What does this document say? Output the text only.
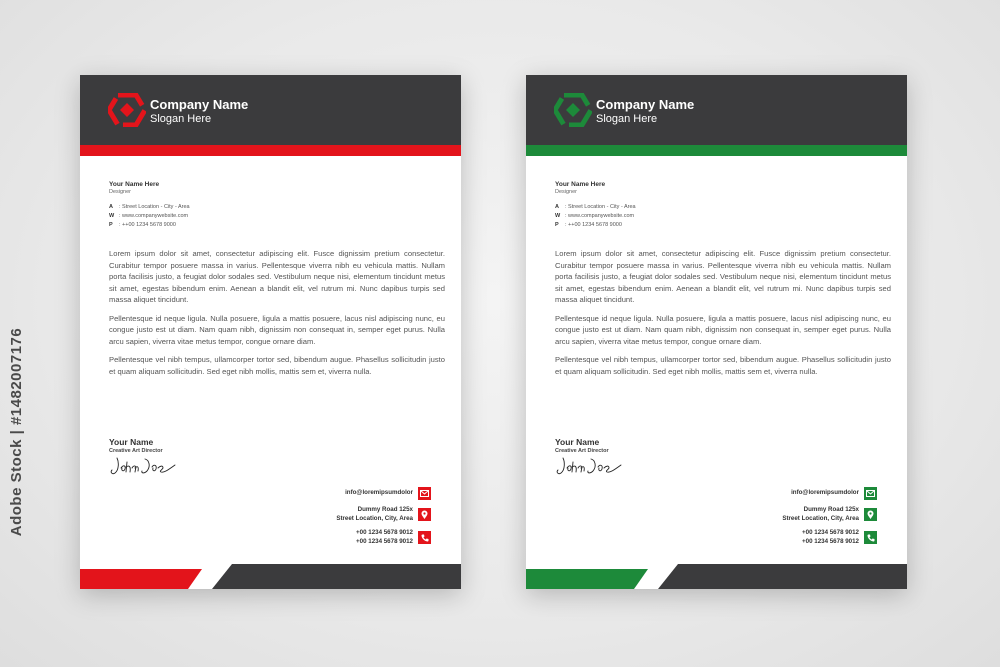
Adobe Stock | #1482007176
Company Name
Slogan Here
Your Name Here
Designer
A : Street Location - City - Area
W : www.companywebsite.com
P : ++00 1234 5678 9000

Lorem ipsum dolor sit amet, consectetur adipiscing elit. Fusce dignissim pretium consectetur. Curabitur tempor posuere massa in varius. Pellentesque viverra nibh eu vehicula mattis. Nullam porta facilisis justo, a feugiat dolor sodales sed. Vestibulum neque nisi, elementum tincidunt metus sit amet, egestas bibendum enim. Aenean a blandit elit, vel rutrum mi. Nunc dapibus turpis sed massa aliquet tincidunt.

Pellentesque id neque ligula. Nulla posuere, ligula a mattis posuere, lacus nisl adipiscing nunc, eu congue justo est ut diam. Nam quam nibh, dignissim non consequat in, semper eget purus. Nulla arcu sapien, viverra vitae metus tempor, congue ornare diam.

Pellentesque vel nibh tempus, ullamcorper tortor sed, bibendum augue. Phasellus sollicitudin justo et quam aliquam sollicitudin. Sed eget nibh mollis, mattis sem et, viverra nulla.

Your Name
Creative Art Director
info@loremipsumdolor
Dummy Road 125x
Street Location, City, Area
+00 1234 5678 9012
+00 1234 5678 9012
Company Name
Slogan Here
Your Name Here
Designer
A : Street Location - City - Area
W : www.companywebsite.com
P : ++00 1234 5678 9000

Lorem ipsum dolor sit amet, consectetur adipiscing elit. Fusce dignissim pretium consectetur. Curabitur tempor posuere massa in varius. Pellentesque viverra nibh eu vehicula mattis. Nullam porta facilisis justo, a feugiat dolor sodales sed. Vestibulum neque nisi, elementum tincidunt metus sit amet, egestas bibendum enim. Aenean a blandit elit, vel rutrum mi. Nunc dapibus turpis sed massa aliquet tincidunt.

Pellentesque id neque ligula. Nulla posuere, ligula a mattis posuere, lacus nisl adipiscing nunc, eu congue justo est ut diam. Nam quam nibh, dignissim non consequat in, semper eget purus. Nulla arcu sapien, viverra vitae metus tempor, congue ornare diam.

Pellentesque vel nibh tempus, ullamcorper tortor sed, bibendum augue. Phasellus sollicitudin justo et quam aliquam sollicitudin. Sed eget nibh mollis, mattis sem et, viverra nulla.

Your Name
Creative Art Director
info@loremipsumdolor
Dummy Road 125x
Street Location, City, Area
+00 1234 5678 9012
+00 1234 5678 9012
